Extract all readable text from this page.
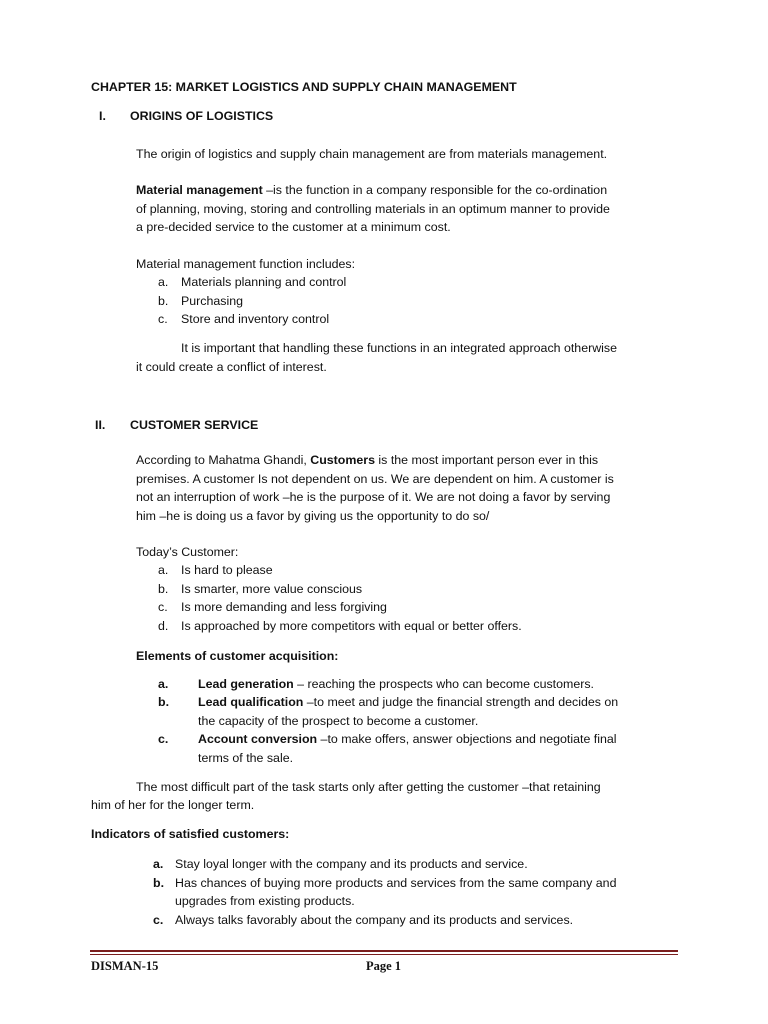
CHAPTER 15: MARKET LOGISTICS AND SUPPLY CHAIN MANAGEMENT
I. ORIGINS OF LOGISTICS
The origin of logistics and supply chain management are from materials management.
Material management –is the function in a company responsible for the co-ordination
of planning, moving, storing and controlling materials in an optimum manner to provide
a pre-decided service to the customer at a minimum cost.
Material management function includes:
a. Materials planning and control
b. Purchasing
c. Store and inventory control
It is important that handling these functions in an integrated approach otherwise
it could create a conflict of interest.
II. CUSTOMER SERVICE
According to Mahatma Ghandi, Customers is the most important person ever in this
premises. A customer Is not dependent on us. We are dependent on him. A customer is
not an interruption of work –he is the purpose of it. We are not doing a favor by serving
him –he is doing us a favor by giving us the opportunity to do so/
Today’s Customer:
a. Is hard to please
b. Is smarter, more value conscious
c. Is more demanding and less forgiving
d. Is approached by more competitors with equal or better offers.
Elements of customer acquisition:
a. Lead generation – reaching the prospects who can become customers.
b. Lead qualification –to meet and judge the financial strength and decides on
the capacity of the prospect to become a customer.
c. Account conversion –to make offers, answer objections and negotiate final
terms of the sale.
The most difficult part of the task starts only after getting the customer –that retaining
him of her for the longer term.
Indicators of satisfied customers:
a. Stay loyal longer with the company and its products and service.
b. Has chances of buying more products and services from the same company and
upgrades from existing products.
c. Always talks favorably about the company and its products and services.
DISMAN-15	Page 1
